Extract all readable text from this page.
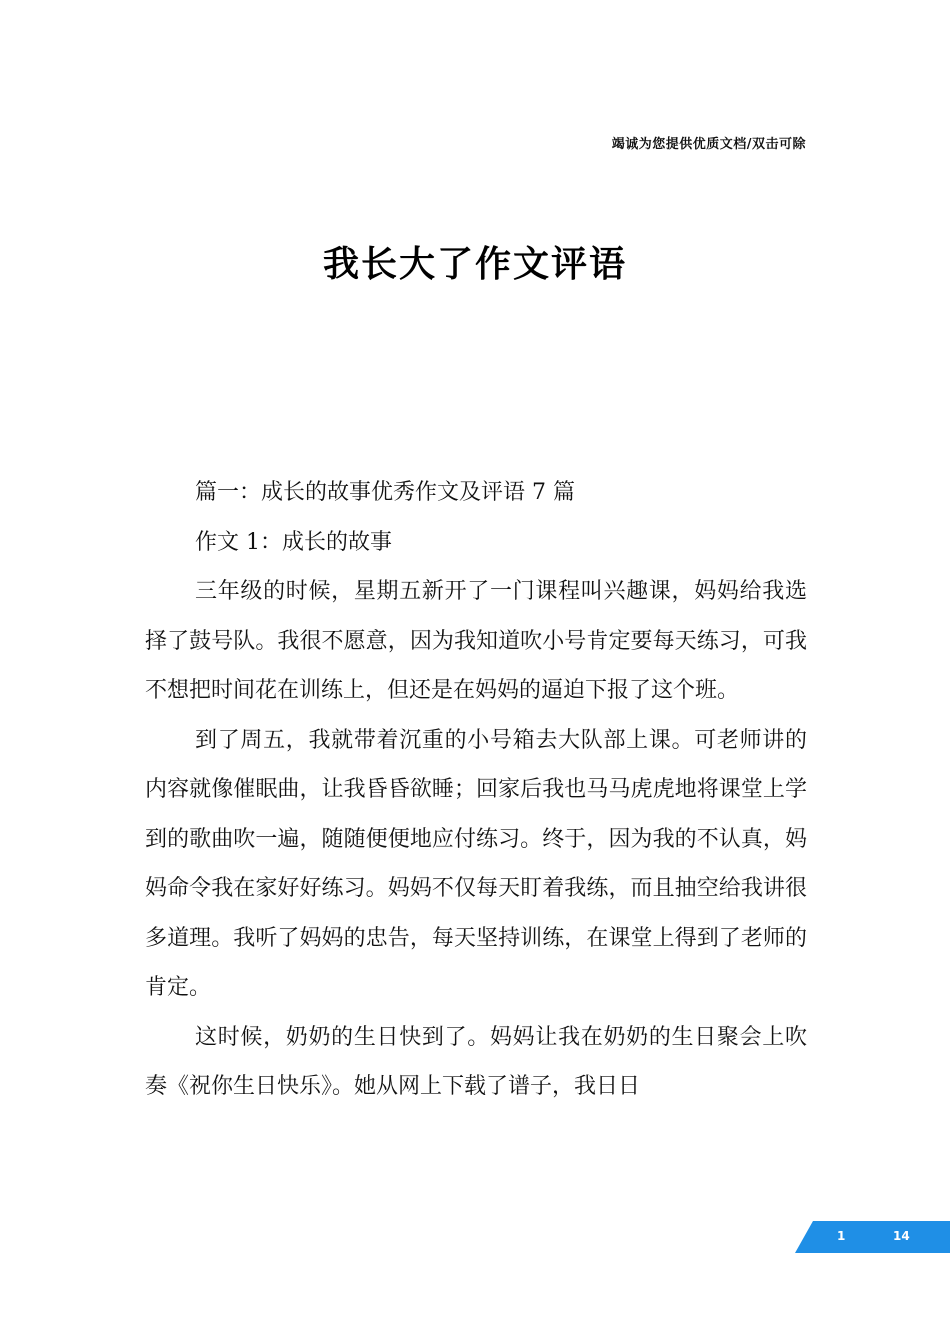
竭诚为您提供优质文档/双击可除
我长大了作文评语

篇一：成长的故事优秀作文及评语 7 篇

作文 1：成长的故事

三年级的时候，星期五新开了一门课程叫兴趣课，妈妈给我选择了鼓号队。我很不愿意，因为我知道吹小号肯定要每天练习，可我不想把时间花在训练上，但还是在妈妈的逼迫下报了这个班。

到了周五，我就带着沉重的小号箱去大队部上课。可老师讲的内容就像催眠曲，让我昏昏欲睡；回家后我也马马虎虎地将课堂上学到的歌曲吹一遍，随随便便地应付练习。终于，因为我的不认真，妈妈命令我在家好好练习。妈妈不仅每天盯着我练，而且抽空给我讲很多道理。我听了妈妈的忠告，每天坚持训练，在课堂上得到了老师的肯定。

这时候，奶奶的生日快到了。妈妈让我在奶奶的生日聚会上吹奏《祝你生日快乐》。她从网上下载了谱子，我日日

1	14
